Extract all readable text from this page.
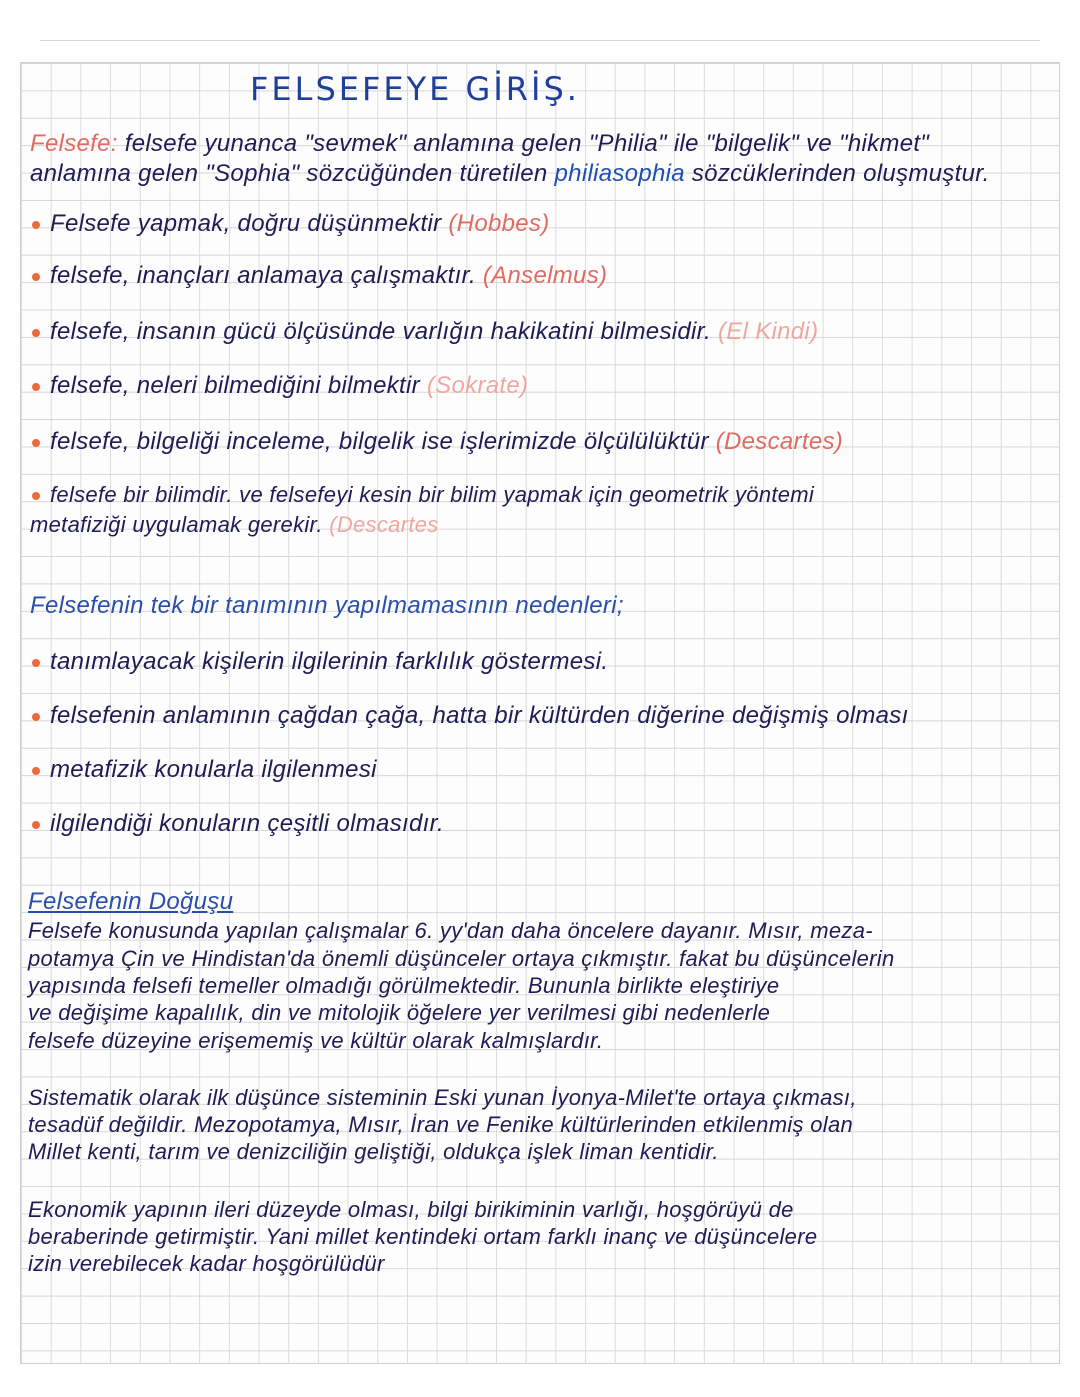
FELSEFEYE GİRİŞ.
Felsefe: felsefe yunanca "sevmek" anlamına gelen "Philia" ile "bilgelik" ve "hikmet"
anlamına gelen "Sophia" sözcüğünden türetilen philiasophia sözcüklerinden oluşmuştur.
Felsefe yapmak, doğru düşünmektir (Hobbes)
felsefe, inançları anlamaya çalışmaktır. (Anselmus)
felsefe, insanın gücü ölçüsünde varlığın hakikatini bilmesidir. (El Kindi)
felsefe, neleri bilmediğini bilmektir (Sokrate)
felsefe, bilgeliği inceleme, bilgelik ise işlerimizde ölçülülüktür (Descartes)
felsefe bir bilimdir. ve felsefeyi kesin bir bilim yapmak için geometrik yöntemi
metafiziği uygulamak gerekir. (Descartes
Felsefenin tek bir tanımının yapılmamasının nedenleri;
tanımlayacak kişilerin ilgilerinin farklılık göstermesi.
felsefenin anlamının çağdan çağa, hatta bir kültürden diğerine değişmiş olması
metafizik konularla ilgilenmesi
ilgilendiği konuların çeşitli olmasıdır.
Felsefenin Doğuşu
Felsefe konusunda yapılan çalışmalar 6. yy'dan daha öncelere dayanır. Mısır, meza-
potamya Çin ve Hindistan'da önemli düşünceler ortaya çıkmıştır. fakat bu düşüncelerin
yapısında felsefi temeller olmadığı görülmektedir. Bununla birlikte eleştiriye
ve değişime kapalılık, din ve mitolojik öğelere yer verilmesi gibi nedenlerle
felsefe düzeyine erişememiş ve kültür olarak kalmışlardır.
Sistematik olarak ilk düşünce sisteminin Eski yunan İyonya-Milet'te ortaya çıkması,
tesadüf değildir. Mezopotamya, Mısır, İran ve Fenike kültürlerinden etkilenmiş olan
Millet kenti, tarım ve denizciliğin geliştiği, oldukça işlek liman kentidir.
Ekonomik yapının ileri düzeyde olması, bilgi birikiminin varlığı, hoşgörüyü de
beraberinde getirmiştir. Yani millet kentindeki ortam farklı inanç ve düşüncelere
izin verebilecek kadar hoşgörülüdür
